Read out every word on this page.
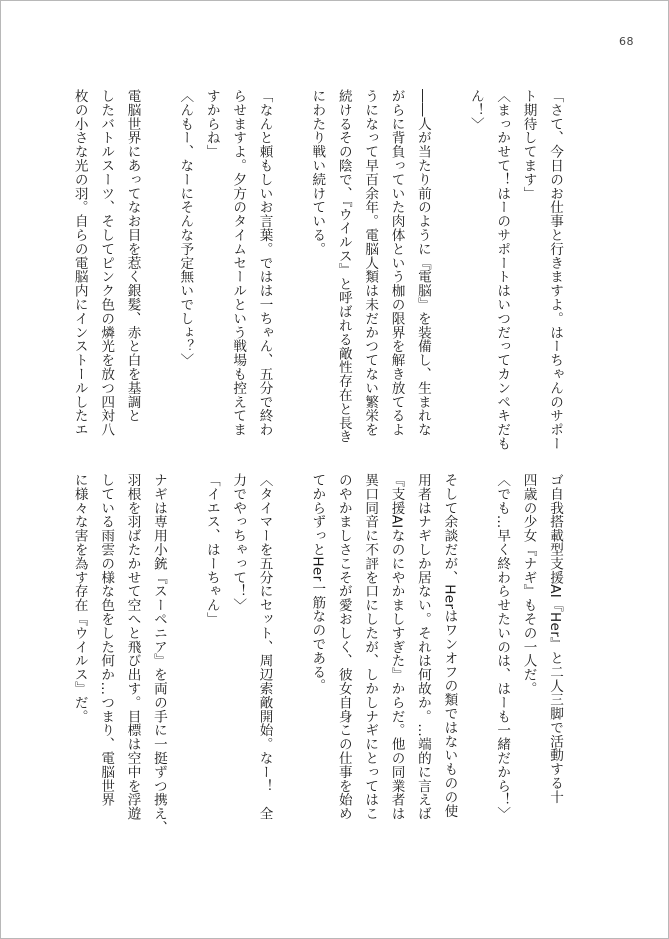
68
「さて、今日のお仕事と行きますよ。はーちゃんのサポー
ト期待してます」
〈まっかせて！はーのサポートはいつだってカンペキだも
ん！〉
――人が当たり前のように『電脳』を装備し、生まれな
がらに背負っていた肉体という枷の限界を解き放てるよ
うになって早百余年。電脳人類は未だかつてない繁栄を
続けるその陰で、『ウイルス』と呼ばれる敵性存在と長き
にわたり戦い続けている。
「なんと頼もしいお言葉。ではは一ちゃん、五分で終わ
らせますよ。夕方のタイムセールという戦場も控えてま
すからね」
〈んもー、なーにそんな予定無いでしょ？〉
電脳世界にあってなお目を惹く銀髪、赤と白を基調と
したバトルスーツ、そしてピンク色の燐光を放つ四対八
枚の小さな光の羽。自らの電脳内にインストールしたエ
ゴ自我搭載型支援AI『Her』と二人三脚で活動する十
四歳の少女『ナギ』もその一人だ。
〈でも…早く終わらせたいのは、はーも一緒だから！〉
そして余談だが、Herはワンオフの類ではないものの使
用者はナギしか居ない。それは何故か。…端的に言えば
『支援AIなのにやかましすぎた』からだ。他の同業者は
異口同音に不評を口にしたが、しかしナギにとってはこ
のやかましさこそが愛おしく、彼女自身この仕事を始め
てからずっとHer一筋なのである。
〈タイマーを五分にセット、周辺索敵開始。なー！　全
力でやっちゃって！〉
「イエス、はーちゃん」
ナギは専用小銃『スーペニア』を両の手に一挺ずつ携え、
羽根を羽ばたかせて空へと飛び出す。目標は空中を浮遊
している雨雲の様な色をした何か…つまり、電脳世界
に様々な害を為す存在『ウイルス』だ。
